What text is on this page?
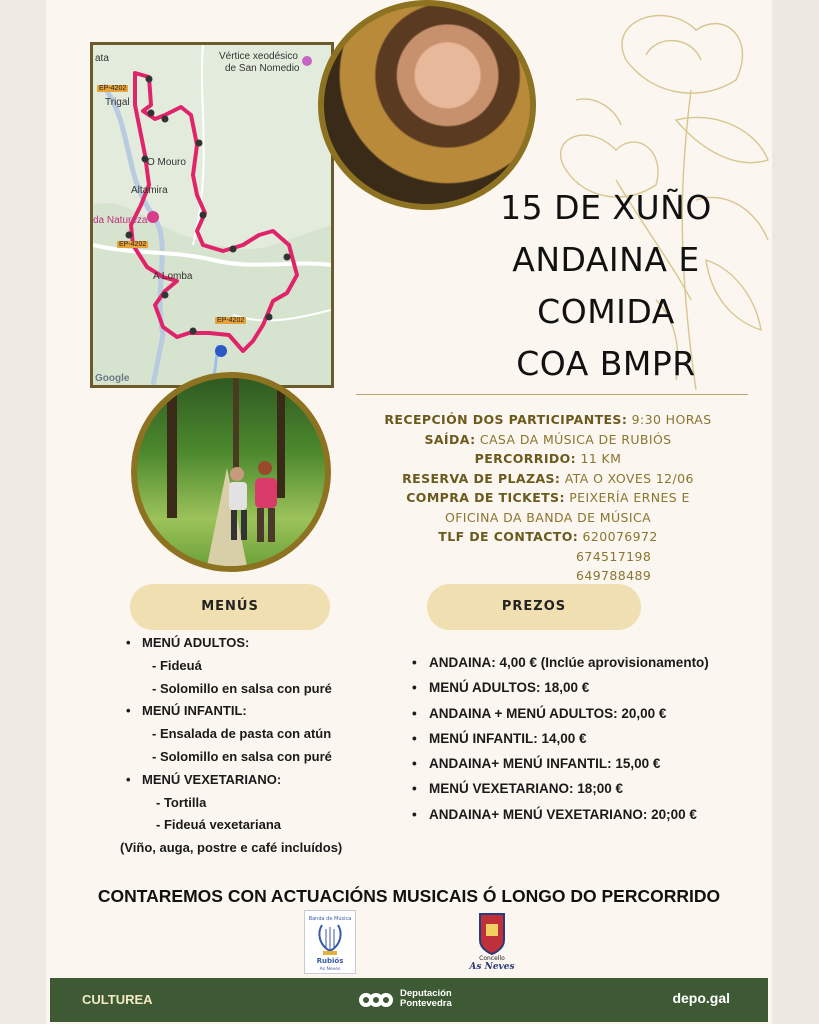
Vértice xeodésico
de San Nomedio
ata
Trigal
O Mouro
Altamira
da Natureza
A Lomba
EP-4202
EP-4202
EP-4202
Google
15 DE XUÑO
ANDAINA E
COMIDA
COA BMPR
RECEPCIÓN DOS PARTICIPANTES: 9:30 HORAS
SAÍDA: CASA DA MÚSICA DE RUBIÓS
PERCORRIDO: 11 KM
RESERVA DE PLAZAS: ATA O XOVES 12/06
COMPRA DE TICKETS: PEIXERÍA ERNES E OFICINA DA BANDA DE MÚSICA
TLF DE CONTACTO: 620076972
674517198
649788489
MENÚS	PREZOS
• MENÚ ADULTOS:
- Fideuá
- Solomillo en salsa con puré
• MENÚ INFANTIL:
- Ensalada de pasta con atún
- Solomillo en salsa con puré
• MENÚ VEXETARIANO:
- Tortilla
- Fideuá vexetariana
(Viño, auga, postre e café incluídos)
• ANDAINA: 4,00 € (Inclúe aprovisionamento)
• MENÚ ADULTOS: 18,00 €
• ANDAINA + MENÚ ADULTOS: 20,00 €
• MENÚ INFANTIL: 14,00 €
• ANDAINA+ MENÚ INFANTIL: 15,00 €
• MENÚ VEXETARIANO: 18;00 €
• ANDAINA+ MENÚ VEXETARIANO: 20;00 €
CONTAREMOS CON ACTUACIÓNS MUSICAIS Ó LONGO DO PERCORRIDO
Banda de Música
Rubiós
As Neves
Concello
As Neves
CULTUREA	Deputación
Pontevedra	depo.gal
